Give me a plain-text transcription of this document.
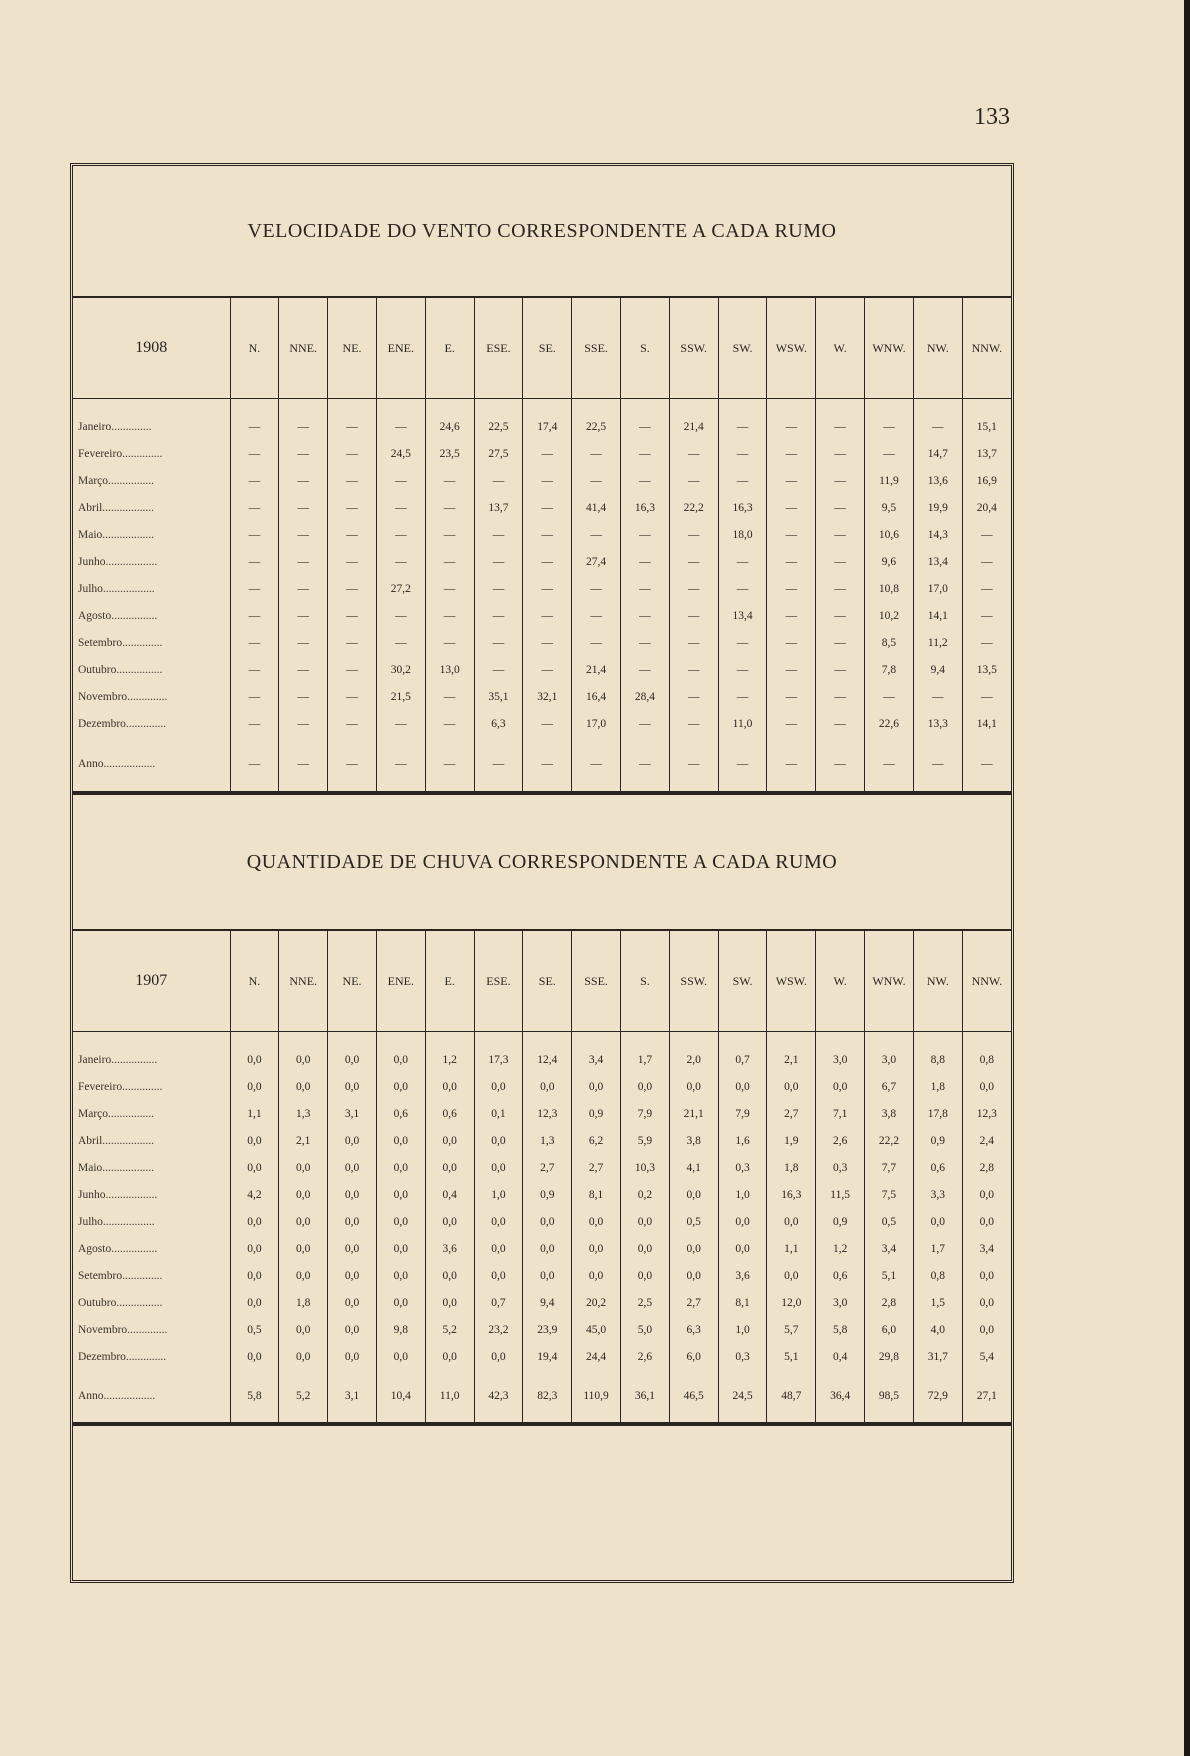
133
VELOCIDADE DO VENTO CORRESPONDENTE A CADA RUMO
1908	N.	NNE.	NE.	ENE.	E.	ESE.	SE.	SSE.	S.	SSW.	SW.	WSW.	W.	WNW.	NW.	NNW.
Janeiro..............	—	—	—	—	24,6	22,5	17,4	22,5	—	21,4	—	—	—	—	—	15,1
Fevereiro..............	—	—	—	24,5	23,5	27,5	—	—	—	—	—	—	—	—	14,7	13,7
Março................	—	—	—	—	—	—	—	—	—	—	—	—	—	11,9	13,6	16,9
Abril..................	—	—	—	—	—	13,7	—	41,4	16,3	22,2	16,3	—	—	9,5	19,9	20,4
Maio..................	—	—	—	—	—	—	—	—	—	—	18,0	—	—	10,6	14,3	—
Junho..................	—	—	—	—	—	—	—	27,4	—	—	—	—	—	9,6	13,4	—
Julho..................	—	—	—	27,2	—	—	—	—	—	—	—	—	—	10,8	17,0	—
Agosto................	—	—	—	—	—	—	—	—	—	—	13,4	—	—	10,2	14,1	—
Setembro..............	—	—	—	—	—	—	—	—	—	—	—	—	—	8,5	11,2	—
Outubro................	—	—	—	30,2	13,0	—	—	21,4	—	—	—	—	—	7,8	9,4	13,5
Novembro..............	—	—	—	21,5	—	35,1	32,1	16,4	28,4	—	—	—	—	—	—	—
Dezembro..............	—	—	—	—	—	6,3	—	17,0	—	—	11,0	—	—	22,6	13,3	14,1
Anno..................	—	—	—	—	—	—	—	—	—	—	—	—	—	—	—	—
QUANTIDADE DE CHUVA CORRESPONDENTE A CADA RUMO
1907	N.	NNE.	NE.	ENE.	E.	ESE.	SE.	SSE.	S.	SSW.	SW.	WSW.	W.	WNW.	NW.	NNW.
Janeiro................	0,0	0,0	0,0	0,0	1,2	17,3	12,4	3,4	1,7	2,0	0,7	2,1	3,0	3,0	8,8	0,8
Fevereiro..............	0,0	0,0	0,0	0,0	0,0	0,0	0,0	0,0	0,0	0,0	0,0	0,0	0,0	6,7	1,8	0,0
Março................	1,1	1,3	3,1	0,6	0,6	0,1	12,3	0,9	7,9	21,1	7,9	2,7	7,1	3,8	17,8	12,3
Abril..................	0,0	2,1	0,0	0,0	0,0	0,0	1,3	6,2	5,9	3,8	1,6	1,9	2,6	22,2	0,9	2,4
Maio..................	0,0	0,0	0,0	0,0	0,0	0,0	2,7	2,7	10,3	4,1	0,3	1,8	0,3	7,7	0,6	2,8
Junho..................	4,2	0,0	0,0	0,0	0,4	1,0	0,9	8,1	0,2	0,0	1,0	16,3	11,5	7,5	3,3	0,0
Julho..................	0,0	0,0	0,0	0,0	0,0	0,0	0,0	0,0	0,0	0,5	0,0	0,0	0,9	0,5	0,0	0,0
Agosto................	0,0	0,0	0,0	0,0	3,6	0,0	0,0	0,0	0,0	0,0	0,0	1,1	1,2	3,4	1,7	3,4
Setembro..............	0,0	0,0	0,0	0,0	0,0	0,0	0,0	0,0	0,0	0,0	3,6	0,0	0,6	5,1	0,8	0,0
Outubro................	0,0	1,8	0,0	0,0	0,0	0,7	9,4	20,2	2,5	2,7	8,1	12,0	3,0	2,8	1,5	0,0
Novembro..............	0,5	0,0	0,0	9,8	5,2	23,2	23,9	45,0	5,0	6,3	1,0	5,7	5,8	6,0	4,0	0,0
Dezembro..............	0,0	0,0	0,0	0,0	0,0	0,0	19,4	24,4	2,6	6,0	0,3	5,1	0,4	29,8	31,7	5,4
Anno..................	5,8	5,2	3,1	10,4	11,0	42,3	82,3	110,9	36,1	46,5	24,5	48,7	36,4	98,5	72,9	27,1
